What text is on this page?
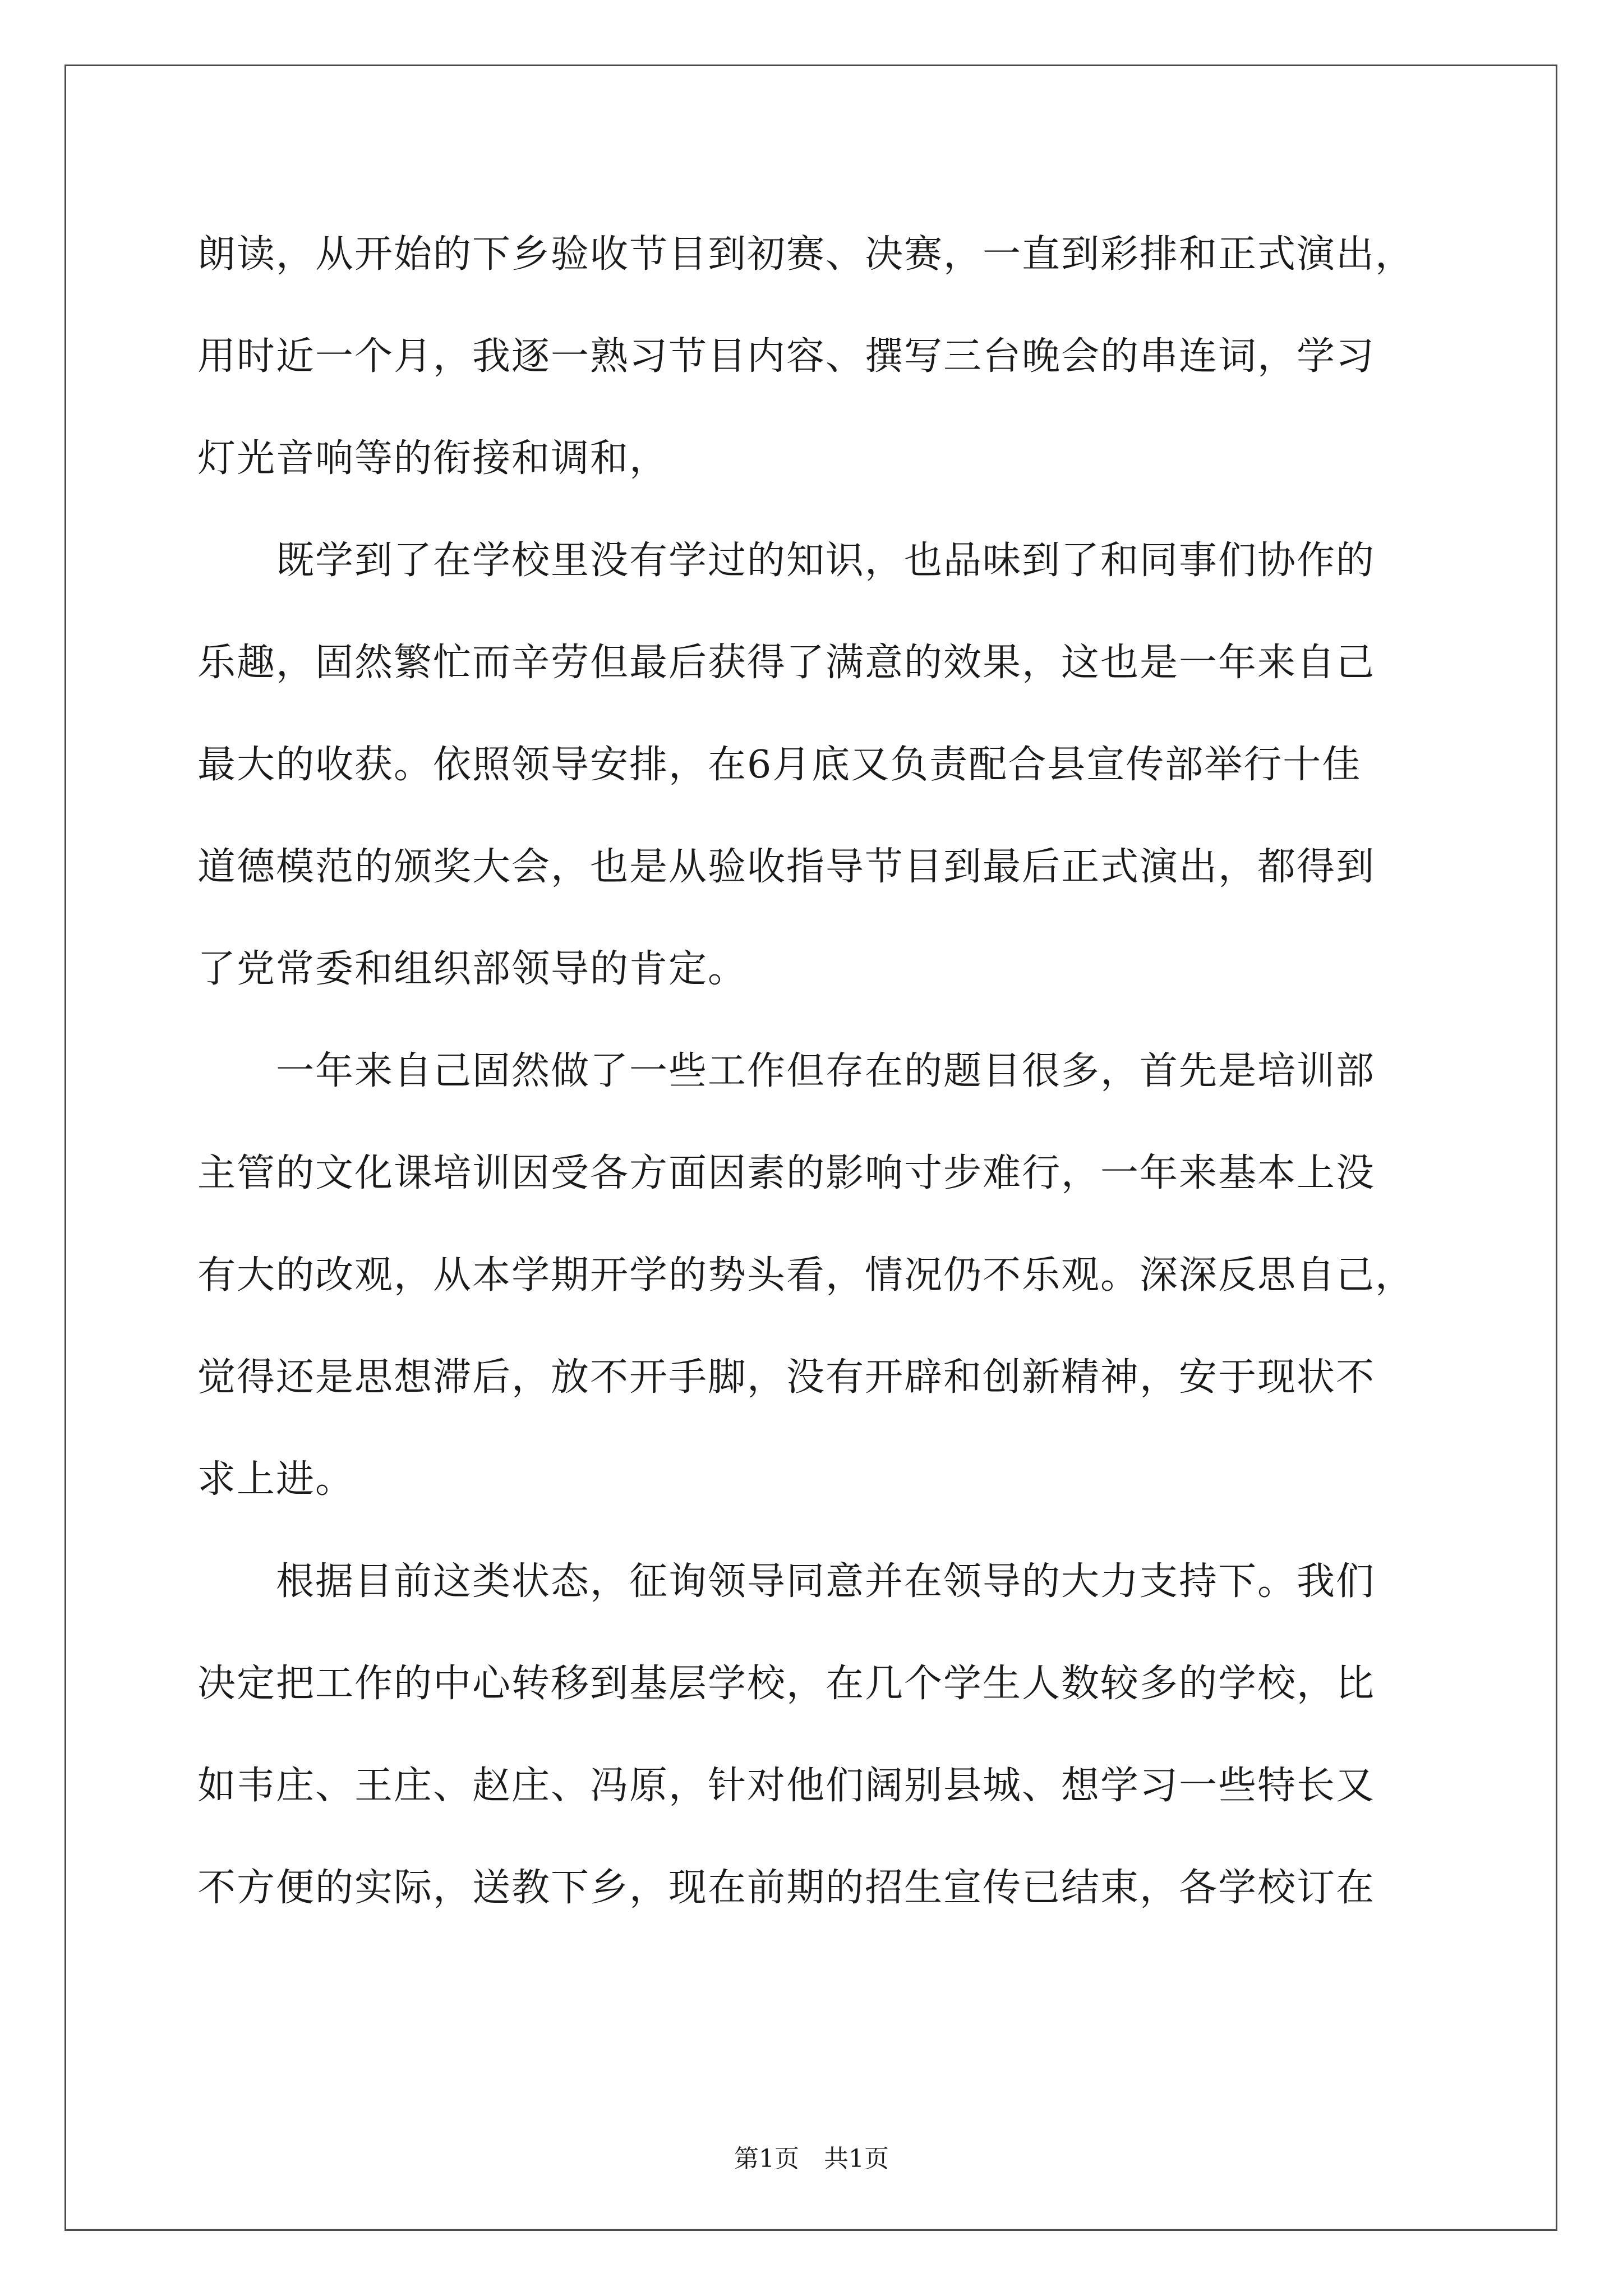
朗读，从开始的下乡验收节目到初赛、决赛，一直到彩排和正式演出，
用时近一个月，我逐一熟习节目内容、撰写三台晚会的串连词，学习
灯光音响等的衔接和调和，
　　既学到了在学校里没有学过的知识，也品味到了和同事们协作的
乐趣，固然繁忙而辛劳但最后获得了满意的效果，这也是一年来自己
最大的收获。依照领导安排，在6月底又负责配合县宣传部举行十佳
道德模范的颁奖大会，也是从验收指导节目到最后正式演出，都得到
了党常委和组织部领导的肯定。
　　一年来自己固然做了一些工作但存在的题目很多，首先是培训部
主管的文化课培训因受各方面因素的影响寸步难行，一年来基本上没
有大的改观，从本学期开学的势头看，情况仍不乐观。深深反思自己，
觉得还是思想滞后，放不开手脚，没有开辟和创新精神，安于现状不
求上进。
　　根据目前这类状态，征询领导同意并在领导的大力支持下。我们
决定把工作的中心转移到基层学校，在几个学生人数较多的学校，比
如韦庄、王庄、赵庄、冯原，针对他们阔别县城、想学习一些特长又
不方便的实际，送教下乡，现在前期的招生宣传已结束，各学校订在
第1页　共1页
